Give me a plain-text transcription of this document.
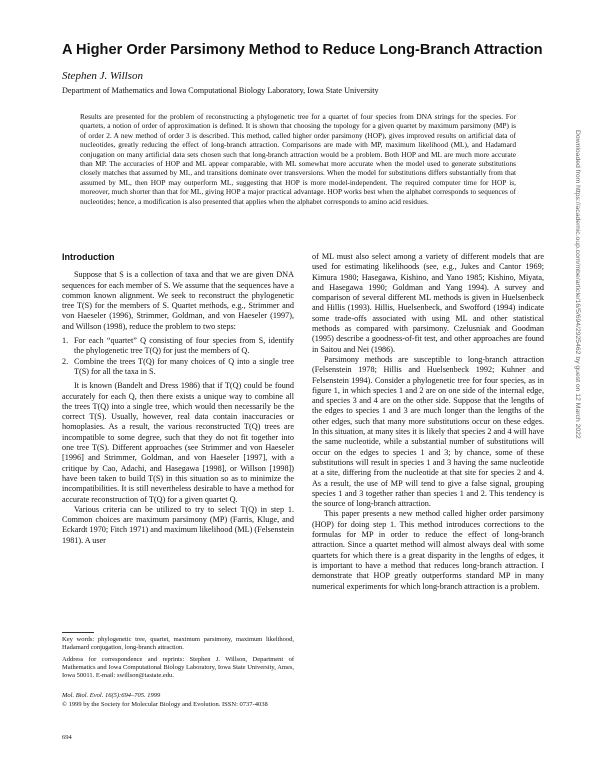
A Higher Order Parsimony Method to Reduce Long-Branch Attraction
Stephen J. Willson
Department of Mathematics and Iowa Computational Biology Laboratory, Iowa State University

Results are presented for the problem of reconstructing a phylogenetic tree for a quartet of four species from DNA strings for the species. For quartets, a notion of order of approximation is defined. It is shown that choosing the topology for a given quartet by maximum parsimony (MP) is of order 2. A new method of order 3 is described. This method, called higher order parsimony (HOP), gives improved results on artificial data of nucleotides, greatly reducing the effect of long-branch attraction. Comparisons are made with MP, maximum likelihood (ML), and Hadamard conjugation on many artificial data sets chosen such that long-branch attraction would be a problem. Both HOP and ML are much more accurate than MP. The accuracies of HOP and ML appear comparable, with ML somewhat more accurate when the model used to generate substitutions closely matches that assumed by ML, and transitions dominate over transversions. When the model for substitutions differs substantially from that assumed by ML, then HOP may outperform ML, suggesting that HOP is more model-independent. The required computer time for HOP is, moreover, much shorter than that for ML, giving HOP a major practical advantage. HOP works best when the alphabet corresponds to sequences of nucleotides; hence, a modification is also presented that applies when the alphabet corresponds to amino acid residues.

Introduction

Suppose that S is a collection of taxa and that we are given DNA sequences for each member of S. We assume that the sequences have a common known alignment. We seek to reconstruct the phylogenetic tree T(S) for the members of S. Quartet methods, e.g., Strimmer and von Haeseler (1996), Strimmer, Goldman, and von Haeseler (1997), and Willson (1998), reduce the problem to two steps:

1. For each “quartet” Q consisting of four species from S, identify the phylogenetic tree T(Q) for just the members of Q.
2. Combine the trees T(Q) for many choices of Q into a single tree T(S) for all the taxa in S.

It is known (Bandelt and Dress 1986) that if T(Q) could be found accurately for each Q, then there exists a unique way to combine all the trees T(Q) into a single tree, which would then necessarily be the correct T(S). Usually, however, real data contain inaccuracies or homoplasies. As a result, the various reconstructed T(Q) trees are incompatible to some degree, such that they do not fit together into one tree T(S). Different approaches (see Strimmer and von Haeseler [1996] and Strimmer, Goldman, and von Haeseler [1997], with a critique by Cao, Adachi, and Hasegawa [1998], or Willson [1998]) have been taken to build T(S) in this situation so as to minimize the incompatibilities. It is still nevertheless desirable to have a method for accurate reconstruction of T(Q) for a given quartet Q.

Various criteria can be utilized to try to select T(Q) in step 1. Common choices are maximum parsimony (MP) (Farris, Kluge, and Eckardt 1970; Fitch 1971) and maximum likelihood (ML) (Felsenstein 1981). A user

Key words: phylogenetic tree, quartet, maximum parsimony, maximum likelihood, Hadamard conjugation, long-branch attraction.
Address for correspondence and reprints: Stephen J. Willson, Department of Mathematics and Iowa Computational Biology Laboratory, Iowa State University, Ames, Iowa 50011. E-mail: swillson@iastate.edu.
Mol. Biol. Evol. 16(5):694–705. 1999
© 1999 by the Society for Molecular Biology and Evolution. ISSN: 0737-4038
694

of ML must also select among a variety of different models that are used for estimating likelihoods (see, e.g., Jukes and Cantor 1969; Kimura 1980; Hasegawa, Kishino, and Yano 1985; Kishino, Miyata, and Hasegawa 1990; Goldman and Yang 1994). A survey and comparison of several different ML methods is given in Huelsenbeck and Hillis (1993). Hillis, Huelsenbeck, and Swofford (1994) indicate some trade-offs associated with using ML and other statistical methods as compared with parsimony. Czelusniak and Goodman (1995) describe a goodness-of-fit test, and other approaches are found in Saitou and Nei (1986).

Parsimony methods are susceptible to long-branch attraction (Felsenstein 1978; Hillis and Huelsenbeck 1992; Kuhner and Felsenstein 1994). Consider a phylogenetic tree for four species, as in figure 1, in which species 1 and 2 are on one side of the internal edge, and species 3 and 4 are on the other side. Suppose that the lengths of the edges to species 1 and 3 are much longer than the lengths of the other edges, such that many more substitutions occur on these edges. In this situation, at many sites it is likely that species 2 and 4 will have the same nucleotide, while a substantial number of substitutions will occur on the edges to species 1 and 3; by chance, some of these substitutions will result in species 1 and 3 having the same nucleotide at a site, differing from the nucleotide at that site for species 2 and 4. As a result, the use of MP will tend to give a false signal, grouping species 1 and 3 together rather than species 1 and 2. This tendency is the source of long-branch attraction.

This paper presents a new method called higher order parsimony (HOP) for doing step 1. This method introduces corrections to the formulas for MP in order to reduce the effect of long-branch attraction. Since a quartet method will almost always deal with some quartets for which there is a great disparity in the lengths of edges, it is important to have a method that reduces long-branch attraction. I demonstrate that HOP greatly outperforms standard MP in many numerical experiments for which long-branch attraction is a problem.

Downloaded from https://academic.oup.com/mbe/article/16/5/694/2925462 by guest on 12 March 2022
